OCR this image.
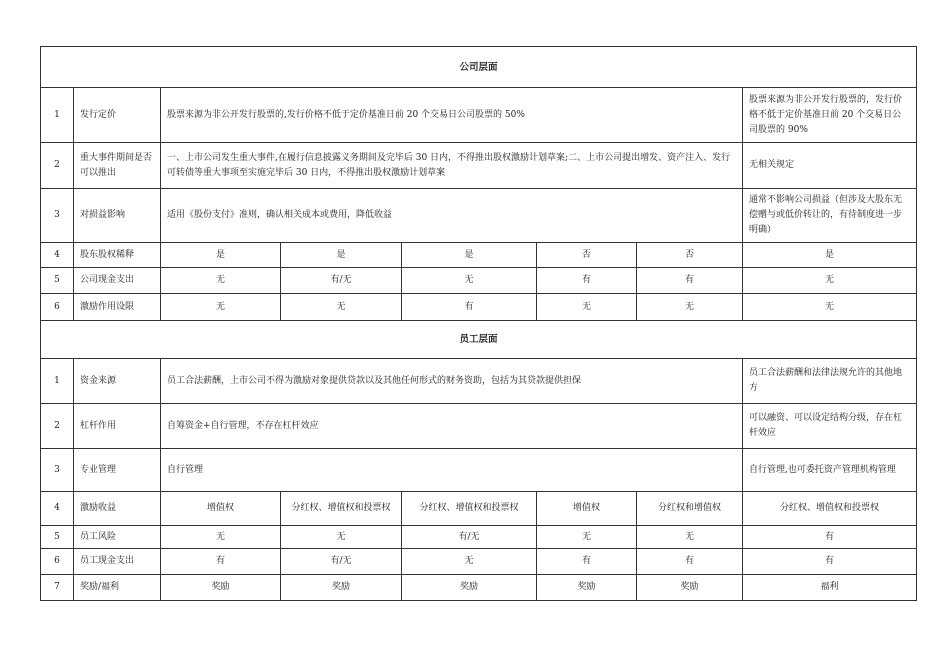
公司层面							
1	发行定价	股票来源为非公开发行股票的,发行价格不低于定价基准日前 20 个交易日公司股票的 50%					股票来源为非公开发行股票的，发行价格不低于定价基准日前 20 个交易日公司股票的 90%
2	重大事件期间是否可以推出	一、上市公司发生重大事件,在履行信息披露义务期间及完毕后 30 日内，不得推出股权激励计划草案;二、上市公司提出增发、资产注入、发行可转债等重大事项至实施完毕后 30 日内，不得推出股权激励计划草案					无相关规定
3	对损益影响	适用《股份支付》准则，确认相关成本或费用，降低收益					通常不影响公司损益（但涉及大股东无偿赠与或低价转让的，有待制度进一步明确）
4	股东股权稀释	是	是	是	否	否	是
5	公司现金支出	无	有/无	无	有	有	无
6	激励作用设限	无	无	有	无	无	无
员工层面							
1	资金来源	员工合法薪酬，上市公司不得为激励对象提供贷款以及其他任何形式的财务资助，包括为其贷款提供担保					员工合法薪酬和法律法规允许的其他地方
2	杠杆作用	自筹资金+自行管理，不存在杠杆效应					可以融资、可以设定结构分级，存在杠杆效应
3	专业管理	自行管理					自行管理,也可委托资产管理机构管理
4	激励收益	增值权	分红权、增值权和投票权	分红权、增值权和投票权	增值权	分红权和增值权	分红权、增值权和投票权
5	员工风险	无	无	有/无	无	无	有
6	员工现金支出	有	有/无	无	有	有	有
7	奖励/福利	奖励	奖励	奖励	奖励	奖励	福利
